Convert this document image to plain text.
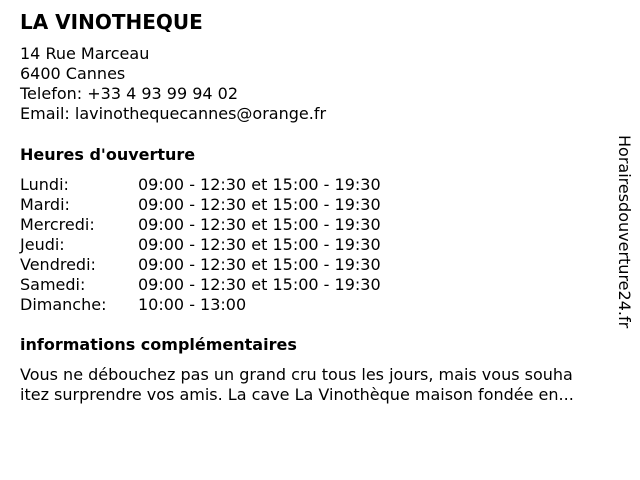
LA VINOTHEQUE
14 Rue Marceau
6400 Cannes
Telefon: +33 4 93 99 94 02
Email: lavinothequecannes@orange.fr
Heures d'ouverture
Lundi:	09:00 - 12:30 et 15:00 - 19:30
Mardi:	09:00 - 12:30 et 15:00 - 19:30
Mercredi:	09:00 - 12:30 et 15:00 - 19:30
Jeudi:	09:00 - 12:30 et 15:00 - 19:30
Vendredi:	09:00 - 12:30 et 15:00 - 19:30
Samedi:	09:00 - 12:30 et 15:00 - 19:30
Dimanche: 10:00 - 13:00
informations complémentaires
Vous ne débouchez pas un grand cru tous les jours, mais vous souha
itez surprendre vos amis. La cave La Vinothèque maison fondée en...
Horairesdouverture24.fr
